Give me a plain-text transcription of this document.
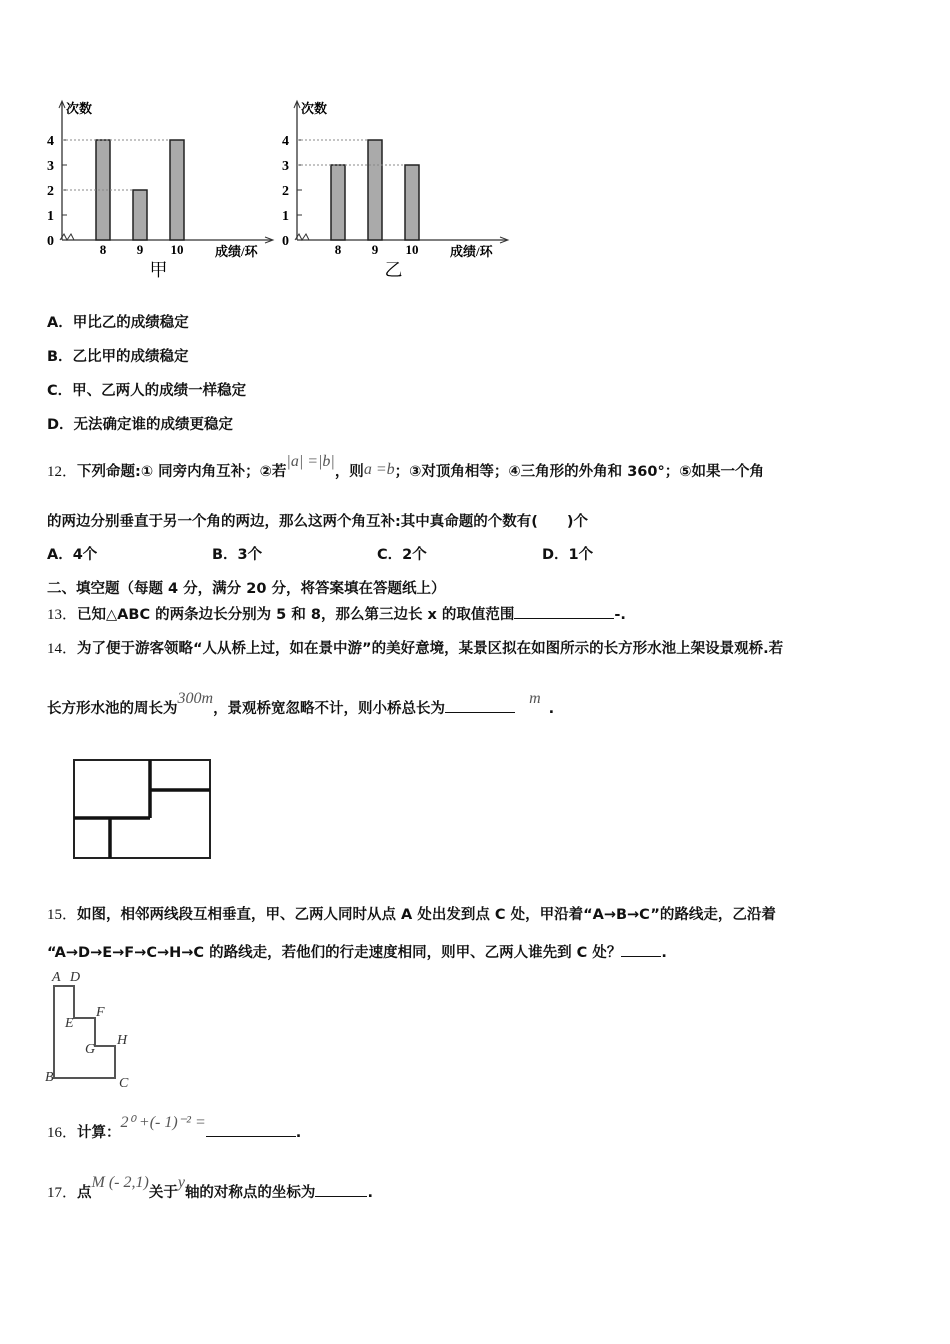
次数
0
1
2
3
4
8 9 10 成绩/环
甲
次数
0
1
2
3
4
8 9 10 成绩/环
乙
A．甲比乙的成绩稳定
B．乙比甲的成绩稳定
C．甲、乙两人的成绩一样稳定
D．无法确定谁的成绩更稳定
12．下列命题:① 同旁内角互补；②若|a| =|b|，则a =b；③对顶角相等；④三角形的外角和 360°；⑤如果一个角
的两边分别垂直于另一个角的两边，那么这两个角互补:其中真命题的个数有(　　)个
A．4个	B．3个	C．2个	D．1个
二、填空题（每题 4 分，满分 20 分，将答案填在答题纸上）
13．已知△ABC 的两条边长分别为 5 和 8，那么第三边长 x 的取值范围	-.
14．为了便于游客领略“人从桥上过，如在景中游”的美好意境，某景区拟在如图所示的长方形水池上架设景观桥.若
长方形水池的周长为300m，景观桥宽忽略不计，则小桥总长为m.
15．如图，相邻两线段互相垂直，甲、乙两人同时从点 A 处出发到点 C 处，甲沿着“A→B→C”的路线走，乙沿着
“A→D→E→F→C→H→C 的路线走，若他们的行走速度相同，则甲、乙两人谁先到 C 处？	.
A D
E
F
G
H
B	C
16．计算：2⁰ +(- 1)⁻² =.
17．点M (- 2,1)关于y轴的对称点的坐标为	.
